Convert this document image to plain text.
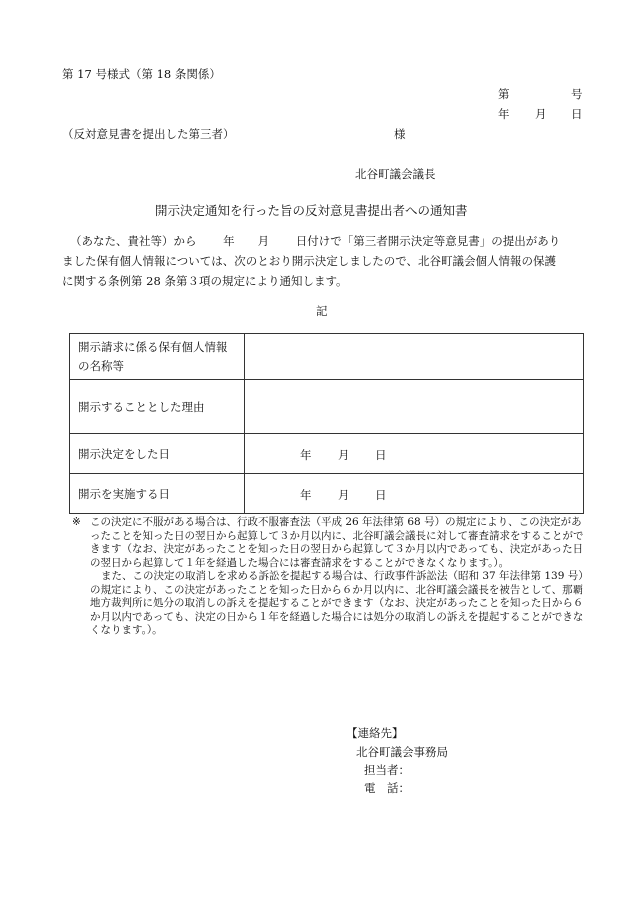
第 17 号様式（第 18 条関係）
第	号
年 月 日
（反対意見書を提出した第三者）	様
北谷町議会議長
開示決定通知を行った旨の反対意見書提出者への通知書
（あなた、貴社等）から　　 年　　月　　 日付けで「第三者開示決定等意見書」の提出があり
ました保有個人情報については、次のとおり開示決定しましたので、北谷町議会個人情報の保護
に関する条例第 28 条第３項の規定により通知します。
記
開示請求に係る保有個人情報
の名称等	

開示することとした理由	
開示決定をした日	年 月 日

開示を実施する日	年 月 日
※ この決定に不服がある場合は、行政不服審査法（平成 26 年法律第 68 号）の規定により、この決定があったことを知った日の翌日から起算して３か月以内に、北谷町議会議長に対して審査請求をすることができます（なお、決定があったことを知った日の翌日から起算して３か月以内であっても、決定があった日の翌日から起算して１年を経過した場合には審査請求をすることができなくなります。）。
また、この決定の取消しを求める訴訟を提起する場合は、行政事件訴訟法（昭和 37 年法律第 139 号）の規定により、この決定があったことを知った日から６か月以内に、北谷町議会議長を被告として、那覇地方裁判所に処分の取消しの訴えを提起することができます（なお、決定があったことを知った日から６か月以内であっても、決定の日から１年を経過した場合には処分の取消しの訴えを提起することができなくなります。）。
【連絡先】
北谷町議会事務局
担当者：
電　話：
